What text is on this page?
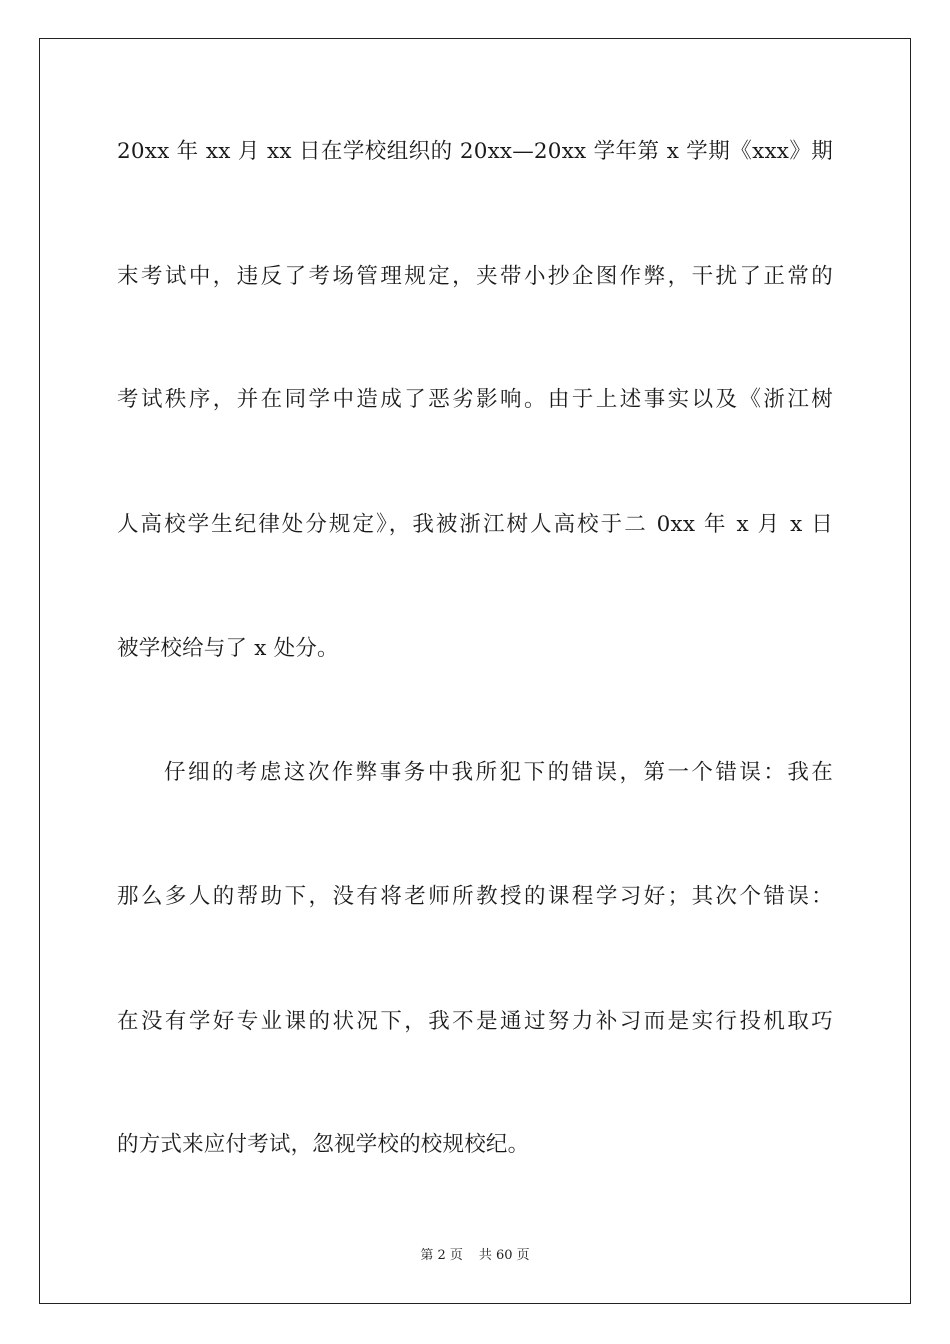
20xx 年 xx 月 xx 日在学校组织的 20xx—20xx 学年第 x 学期《xxx》期
末考试中，违反了考场管理规定，夹带小抄企图作弊，干扰了正常的
考试秩序，并在同学中造成了恶劣影响。由于上述事实以及《浙江树
人高校学生纪律处分规定》，我被浙江树人高校于二 0xx 年 x 月 x 日
被学校给与了 x 处分。
仔细的考虑这次作弊事务中我所犯下的错误，第一个错误：我在
那么多人的帮助下，没有将老师所教授的课程学习好；其次个错误：
在没有学好专业课的状况下，我不是通过努力补习而是实行投机取巧
的方式来应付考试，忽视学校的校规校纪。
第 2 页 共 60 页
